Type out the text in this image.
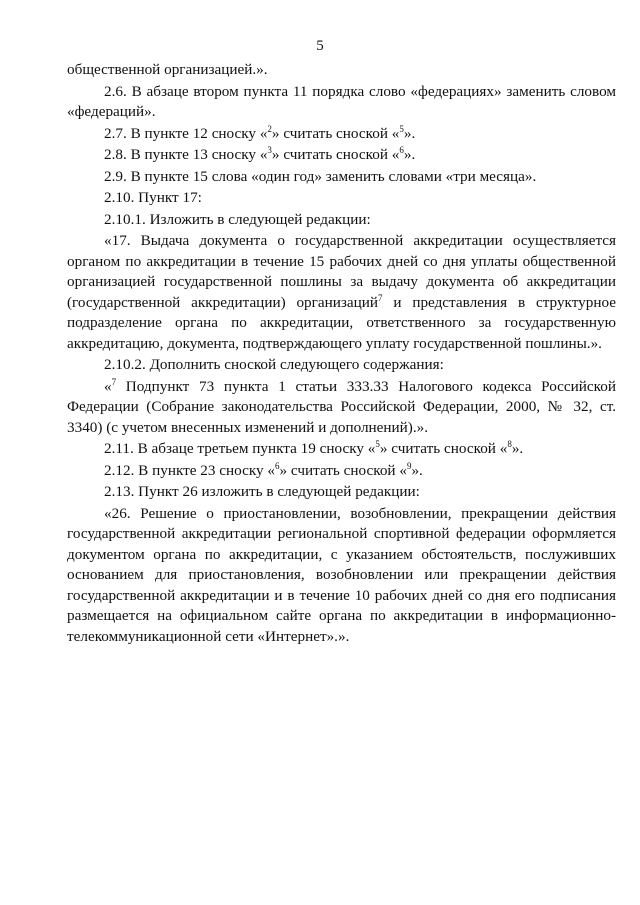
5

общественной организацией.».

2.6. В абзаце втором пункта 11 порядка слово «федерациях» заменить словом «федераций».

2.7. В пункте 12 сноску «$^2$» считать сноской «$^5$».

2.8. В пункте 13 сноску «$^3$» считать сноской «$^6$».

2.9. В пункте 15 слова «один год» заменить словами «три месяца».

2.10. Пункт 17:

2.10.1. Изложить в следующей редакции:

«17. Выдача документа о государственной аккредитации осуществляется органом по аккредитации в течение 15 рабочих дней со дня уплаты общественной организацией государственной пошлины за выдачу документа об аккредитации (государственной аккредитации) организаций$^7$ и представления в структурное подразделение органа по аккредитации, ответственного за государственную аккредитацию, документа, подтверждающего уплату государственной пошлины.».

2.10.2. Дополнить сноской следующего содержания:

«$^7$ Подпункт 73 пункта 1 статьи 333.33 Налогового кодекса Российской Федерации (Собрание законодательства Российской Федерации, 2000, № 32, ст. 3340) (с учетом внесенных изменений и дополнений).».

2.11. В абзаце третьем пункта 19 сноску «$^5$» считать сноской «$^8$».

2.12. В пункте 23 сноску «$^6$» считать сноской «$^9$».

2.13. Пункт 26 изложить в следующей редакции:

«26. Решение о приостановлении, возобновлении, прекращении действия государственной аккредитации региональной спортивной федерации оформляется документом органа по аккредитации, с указанием обстоятельств, послуживших основанием для приостановления, возобновлении или прекращении действия государственной аккредитации и в течение 10 рабочих дней со дня его подписания размещается на официальном сайте органа по аккредитации в информационно-телекоммуникационной сети «Интернет».».
